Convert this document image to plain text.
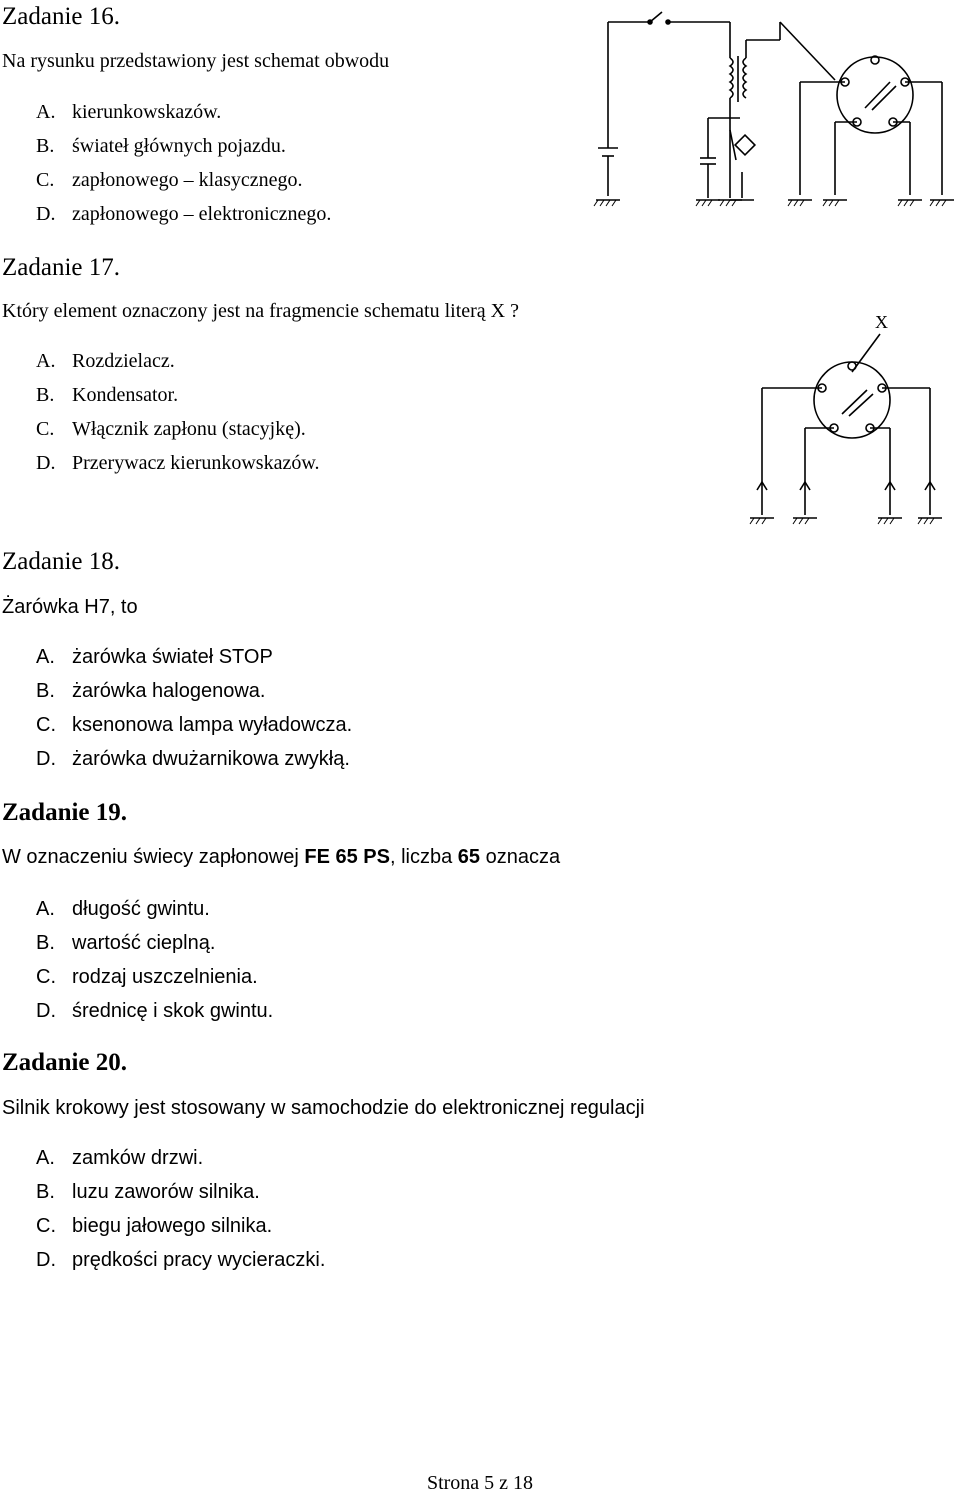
Zadanie 16.

Na rysunku przedstawiony jest schemat obwodu

A. kierunkowskazów.
B. świateł głównych pojazdu.
C. zapłonowego – klasycznego.
D. zapłonowego – elektronicznego.
Zadanie 17.

Który element oznaczony jest na fragmencie schematu literą X ?

A. Rozdzielacz.
B. Kondensator.
C. Włącznik zapłonu (stacyjkę).
D. Przerywacz kierunkowskazów.
X
Zadanie 18.

Żarówka H7, to

A. żarówka świateł STOP
B. żarówka halogenowa.
C. ksenonowa lampa wyładowcza.
D. żarówka dwużarnikowa zwykłą.
Zadanie 19.

W oznaczeniu świecy zapłonowej FE 65 PS, liczba 65 oznacza

A. długość gwintu.
B. wartość cieplną.
C. rodzaj uszczelnienia.
D. średnicę i skok gwintu.
Zadanie 20.

Silnik krokowy jest stosowany w samochodzie do elektronicznej regulacji

A. zamków drzwi.
B. luzu zaworów silnika.
C. biegu jałowego silnika.
D. prędkości pracy wycieraczki.
Strona 5 z 18
